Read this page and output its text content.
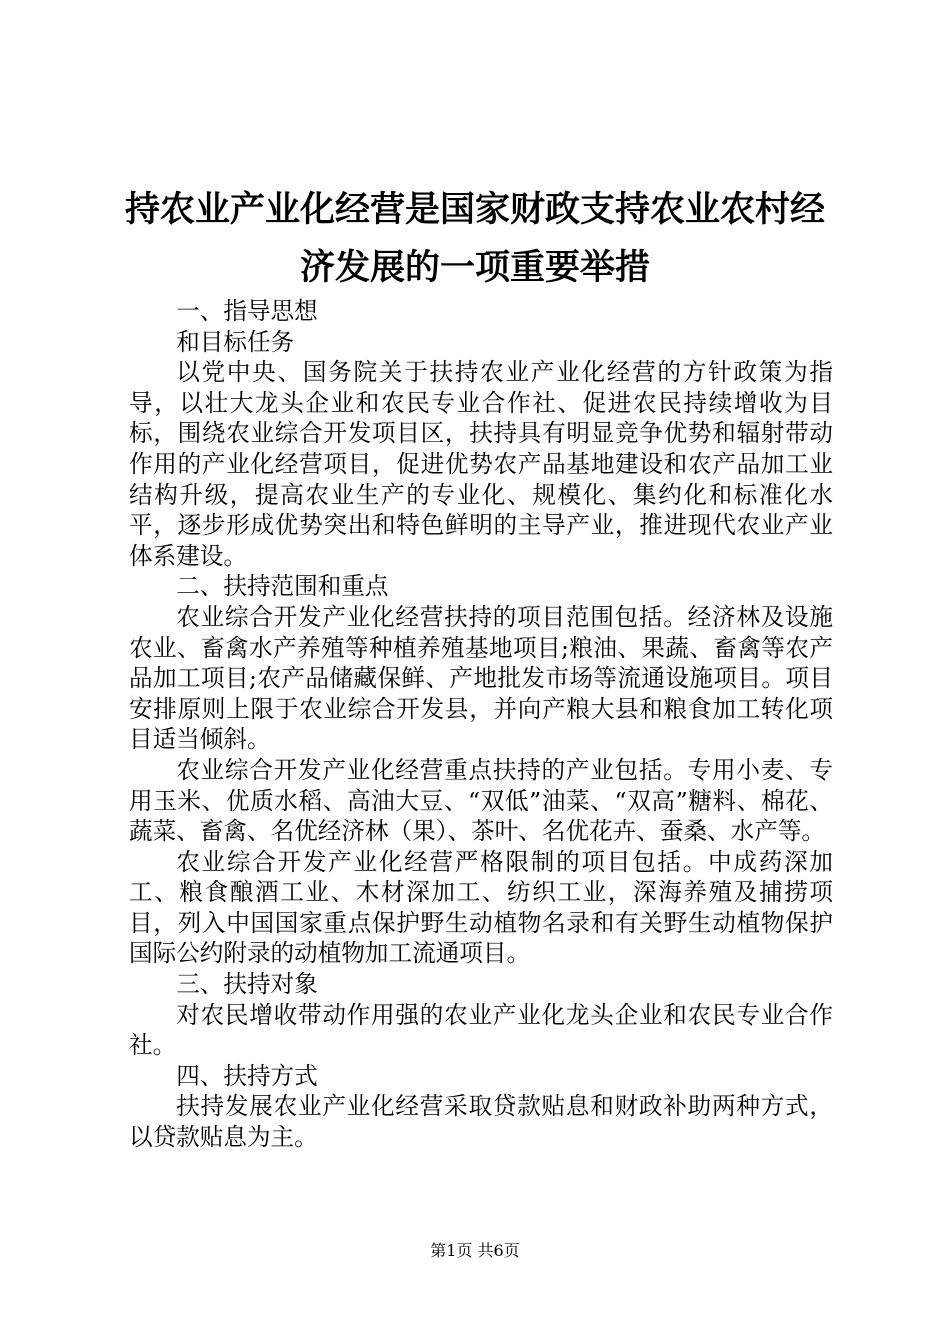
持农业产业化经营是国家财政支持农业农村经
济发展的一项重要举措

一、指导思想

和目标任务

以党中央、国务院关于扶持农业产业化经营的方针政策为指导，以壮大龙头企业和农民专业合作社、促进农民持续增收为目标，围绕农业综合开发项目区，扶持具有明显竞争优势和辐射带动作用的产业化经营项目，促进优势农产品基地建设和农产品加工业结构升级，提高农业生产的专业化、规模化、集约化和标准化水平，逐步形成优势突出和特色鲜明的主导产业，推进现代农业产业体系建设。

二、扶持范围和重点

农业综合开发产业化经营扶持的项目范围包括。经济林及设施农业、畜禽水产养殖等种植养殖基地项目;粮油、果蔬、畜禽等农产品加工项目;农产品储藏保鲜、产地批发市场等流通设施项目。项目安排原则上限于农业综合开发县，并向产粮大县和粮食加工转化项目适当倾斜。

农业综合开发产业化经营重点扶持的产业包括。专用小麦、专用玉米、优质水稻、高油大豆、“双低”油菜、“双高”糖料、棉花、蔬菜、畜禽、名优经济林（果）、茶叶、名优花卉、蚕桑、水产等。

农业综合开发产业化经营严格限制的项目包括。中成药深加工、粮食酿酒工业、木材深加工、纺织工业，深海养殖及捕捞项目，列入中国国家重点保护野生动植物名录和有关野生动植物保护国际公约附录的动植物加工流通项目。

三、扶持对象

对农民增收带动作用强的农业产业化龙头企业和农民专业合作社。

四、扶持方式

扶持发展农业产业化经营采取贷款贴息和财政补助两种方式，以贷款贴息为主。

第1页 共6页
